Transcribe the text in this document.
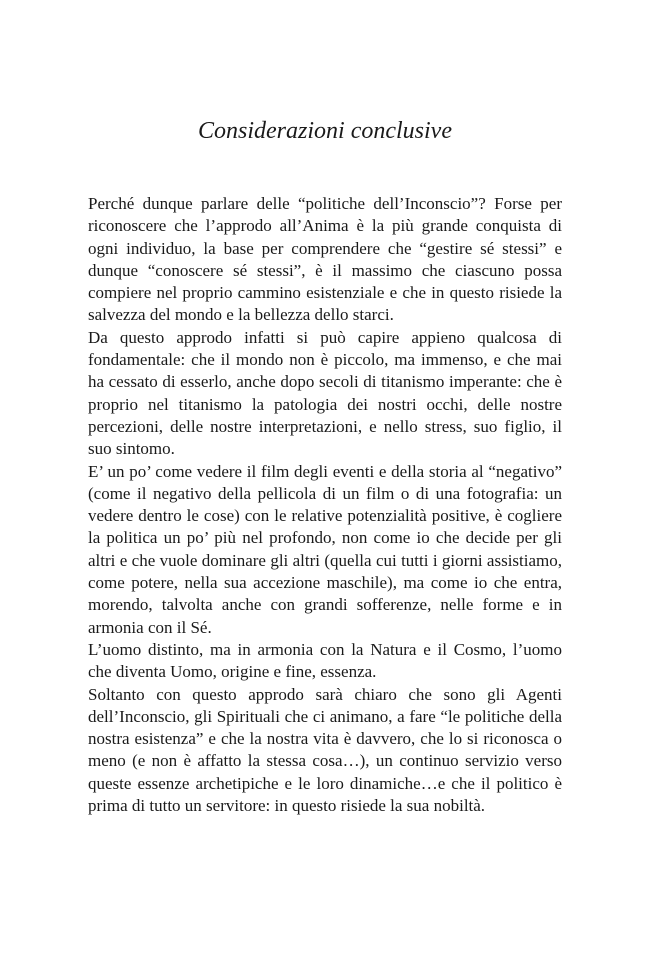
Considerazioni conclusive

Perché dunque parlare delle “politiche dell’Inconscio”? Forse per riconoscere che l’approdo all’Anima è la più grande conquista di ogni individuo, la base per comprendere che “gestire sé stessi” e dunque “conoscere sé stessi”, è il massimo che ciascuno possa compiere nel proprio cammino esistenziale e che in questo risiede la salvezza del mondo e la bellezza dello starci.

Da questo approdo infatti si può capire appieno qualcosa di fondamentale: che il mondo non è piccolo, ma immenso, e che mai ha cessato di esserlo, anche dopo secoli di titanismo imperante: che è proprio nel titanismo la patologia dei nostri occhi, delle nostre percezioni, delle nostre interpretazioni, e nello stress, suo figlio, il suo sintomo.

E’ un po’ come vedere il film degli eventi e della storia al “negativo” (come il negativo della pellicola di un film o di una fotografia: un vedere dentro le cose) con le relative potenzialità positive, è cogliere la politica un po’ più nel profondo, non come io che decide per gli altri e che vuole dominare gli altri (quella cui tutti i giorni assistiamo, come potere, nella sua accezione maschile), ma come io che entra, morendo, talvolta anche con grandi sofferenze, nelle forme e in armonia con il Sé.

L’uomo distinto, ma in armonia con la Natura e il Cosmo, l’uomo che diventa Uomo, origine e fine, essenza.

Soltanto con questo approdo sarà chiaro che sono gli Agenti dell’Inconscio, gli Spirituali che ci animano, a fare “le politiche della nostra esistenza” e che la nostra vita è davvero, che lo si riconosca o meno (e non è affatto la stessa cosa…), un continuo servizio verso queste essenze archetipiche e le loro dinamiche…e che il politico è prima di tutto un servitore: in questo risiede la sua nobiltà.
